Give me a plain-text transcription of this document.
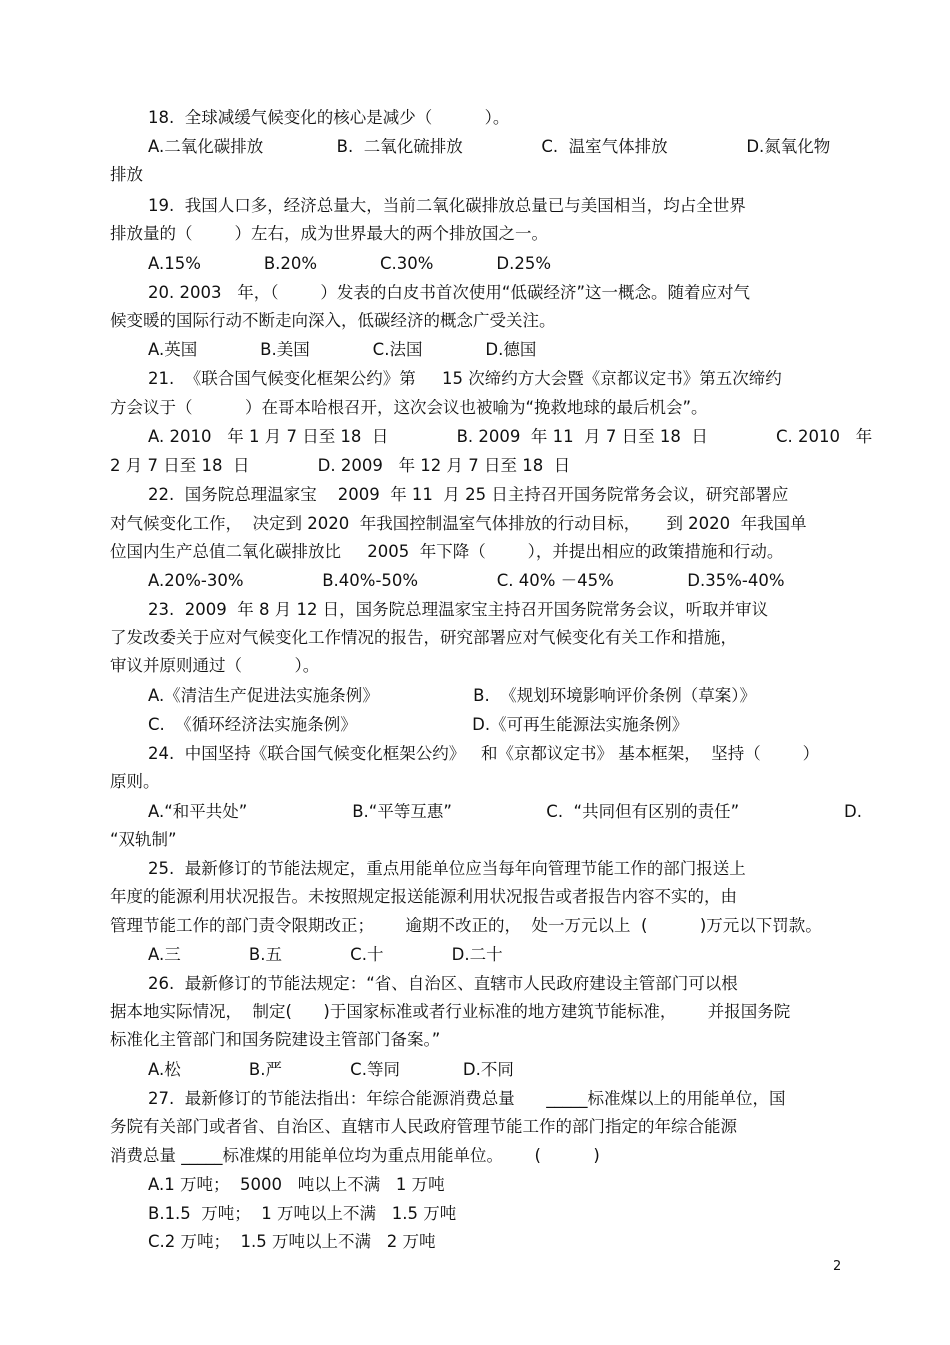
18.  全球减缓气候变化的核心是减少（          ）。
A.二氧化碳排放              B.  二氧化硫排放               C.  温室气体排放               D.氮氧化物
排放
19.  我国人口多，经济总量大，当前二氧化碳排放总量已与美国相当，均占全世界
排放量的（        ）左右，成为世界最大的两个排放国之一。
A.15%            B.20%            C.30%            D.25%
20. 2003   年，（        ）发表的白皮书首次使用“低碳经济”这一概念。随着应对气
候变暖的国际行动不断走向深入，低碳经济的概念广受关注。
A.英国            B.美国            C.法国            D.德国
21.  《联合国气候变化框架公约》第     15 次缔约方大会暨《京都议定书》第五次缔约
方会议于（          ）在哥本哈根召开，这次会议也被喻为“挽救地球的最后机会”。
A. 2010   年 1 月 7 日至 18  日             B. 2009  年 11  月 7 日至 18  日             C. 2010   年
2 月 7 日至 18  日             D. 2009   年 12 月 7 日至 18  日
22.  国务院总理温家宝    2009  年 11  月 25 日主持召开国务院常务会议，研究部署应
对气候变化工作，  决定到 2020  年我国控制温室气体排放的行动目标，     到 2020  年我国单
位国内生产总值二氧化碳排放比     2005  年下降（        ），并提出相应的政策措施和行动。
A.20%-30%               B.40%-50%               C. 40% －45%              D.35%-40%
23.  2009  年 8 月 12 日，国务院总理温家宝主持召开国务院常务会议，听取并审议
了发改委关于应对气候变化工作情况的报告，研究部署应对气候变化有关工作和措施，
审议并原则通过（          ）。
A.《清洁生产促进法实施条例》                  B.  《规划环境影响评价条例（草案）》
C.  《循环经济法实施条例》                      D.《可再生能源法实施条例》
24.  中国坚持《联合国气候变化框架公约》   和《京都议定书》 基本框架，  坚持（        ）
原则。
A.“和平共处”                    B.“平等互惠”                  C.  “共同但有区别的责任”                    D.
“双轨制”
25.  最新修订的节能法规定，重点用能单位应当每年向管理节能工作的部门报送上
年度的能源利用状况报告。未按照规定报送能源利用状况报告或者报告内容不实的，由
管理节能工作的部门责令限期改正；      逾期不改正的，  处一万元以上  (          )万元以下罚款。
A.三             B.五             C.十             D.二十
26.  最新修订的节能法规定：“省、自治区、直辖市人民政府建设主管部门可以根
据本地实际情况，  制定(      )于国家标准或者行业标准的地方建筑节能标准，      并报国务院
标准化主管部门和国务院建设主管部门备案。”
A.松             B.严             C.等同            D.不同
27.  最新修订的节能法指出：年综合能源消费总量      _____标准煤以上的用能单位，国
务院有关部门或者省、自治区、直辖市人民政府管理节能工作的部门指定的年综合能源
消费总量 _____标准煤的用能单位均为重点用能单位。      (          )
A.1 万吨；  5000   吨以上不满   1 万吨
B.1.5  万吨；  1 万吨以上不满   1.5 万吨
C.2 万吨；  1.5 万吨以上不满   2 万吨
2
